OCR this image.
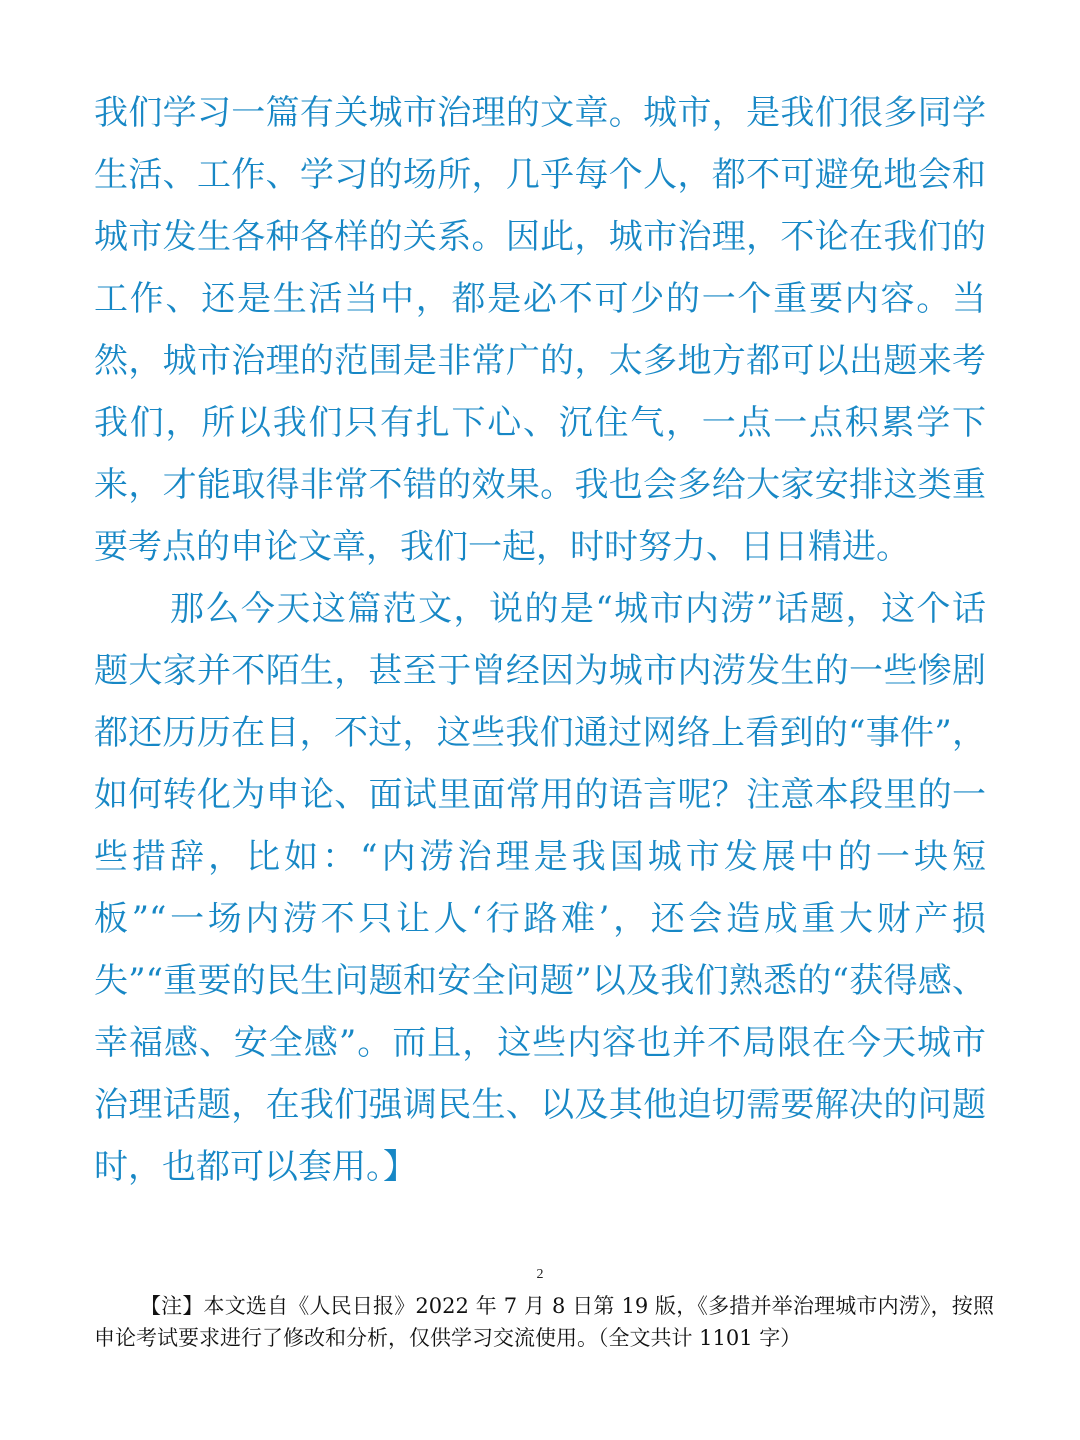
我们学习一篇有关城市治理的文章。城市，是我们很多同学生活、工作、学习的场所，几乎每个人，都不可避免地会和城市发生各种各样的关系。因此，城市治理，不论在我们的工作、还是生活当中，都是必不可少的一个重要内容。当然，城市治理的范围是非常广的，太多地方都可以出题来考我们，所以我们只有扎下心、沉住气，一点一点积累学下来，才能取得非常不错的效果。我也会多给大家安排这类重要考点的申论文章，我们一起，时时努力、日日精进。

那么今天这篇范文，说的是“城市内涝”话题，这个话题大家并不陌生，甚至于曾经因为城市内涝发生的一些惨剧都还历历在目，不过，这些我们通过网络上看到的“事件”，如何转化为申论、面试里面常用的语言呢？注意本段里的一些措辞，比如：“内涝治理是我国城市发展中的一块短板”“一场内涝不只让人‘行路难’，还会造成重大财产损失”“重要的民生问题和安全问题”以及我们熟悉的“获得感、幸福感、安全感”。而且，这些内容也并不局限在今天城市治理话题，在我们强调民生、以及其他迫切需要解决的问题时，也都可以套用。】

2
【注】本文选自《人民日报》2022 年 7 月 8 日第 19 版，《多措并举治理城市内涝》，按照申论考试要求进行了修改和分析，仅供学习交流使用。（全文共计 1101 字）
